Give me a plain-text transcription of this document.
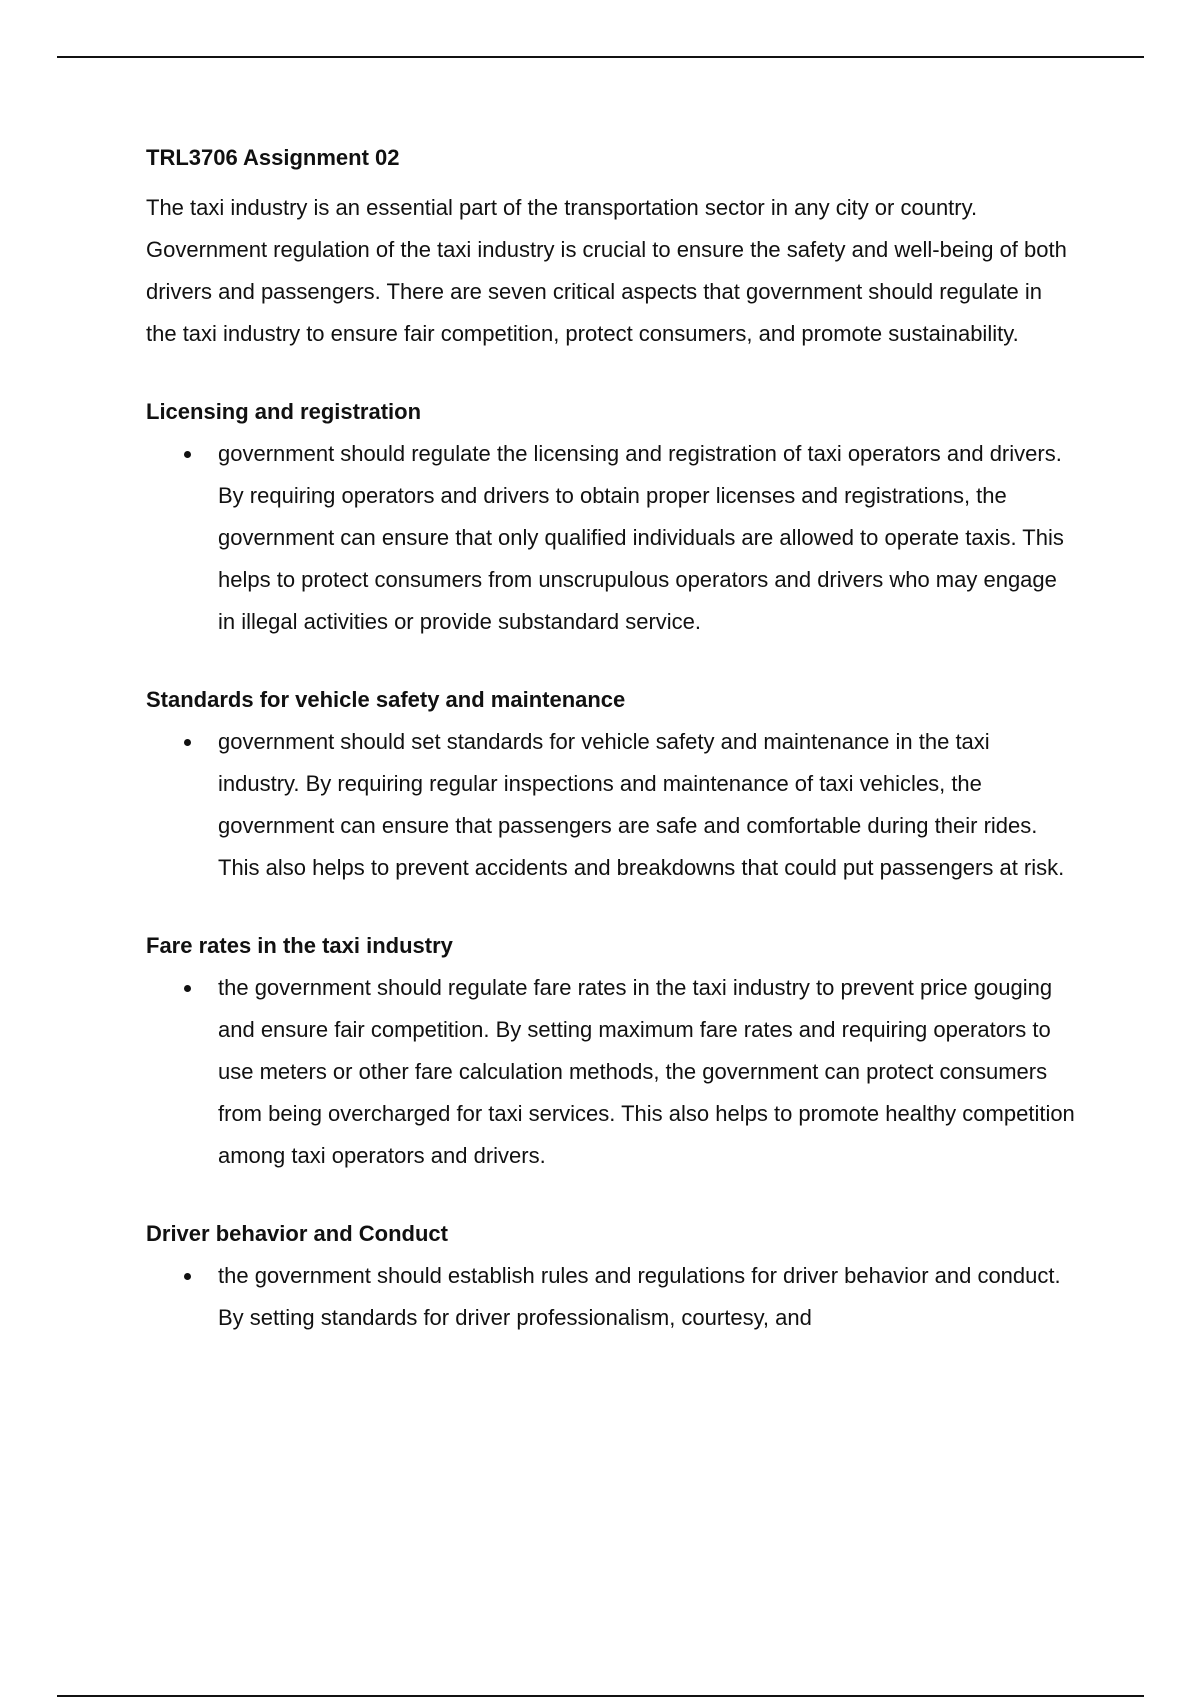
TRL3706 Assignment 02

The taxi industry is an essential part of the transportation sector in any city or country. Government regulation of the taxi industry is crucial to ensure the safety and well-being of both drivers and passengers. There are seven critical aspects that government should regulate in the taxi industry to ensure fair competition, protect consumers, and promote sustainability.

Licensing and registration
government should regulate the licensing and registration of taxi operators and drivers. By requiring operators and drivers to obtain proper licenses and registrations, the government can ensure that only qualified individuals are allowed to operate taxis. This helps to protect consumers from unscrupulous operators and drivers who may engage in illegal activities or provide substandard service.
Standards for vehicle safety and maintenance
government should set standards for vehicle safety and maintenance in the taxi industry. By requiring regular inspections and maintenance of taxi vehicles, the government can ensure that passengers are safe and comfortable during their rides. This also helps to prevent accidents and breakdowns that could put passengers at risk.
Fare rates in the taxi industry
the government should regulate fare rates in the taxi industry to prevent price gouging and ensure fair competition. By setting maximum fare rates and requiring operators to use meters or other fare calculation methods, the government can protect consumers from being overcharged for taxi services. This also helps to promote healthy competition among taxi operators and drivers.
Driver behavior and Conduct
the government should establish rules and regulations for driver behavior and conduct. By setting standards for driver professionalism, courtesy, and
